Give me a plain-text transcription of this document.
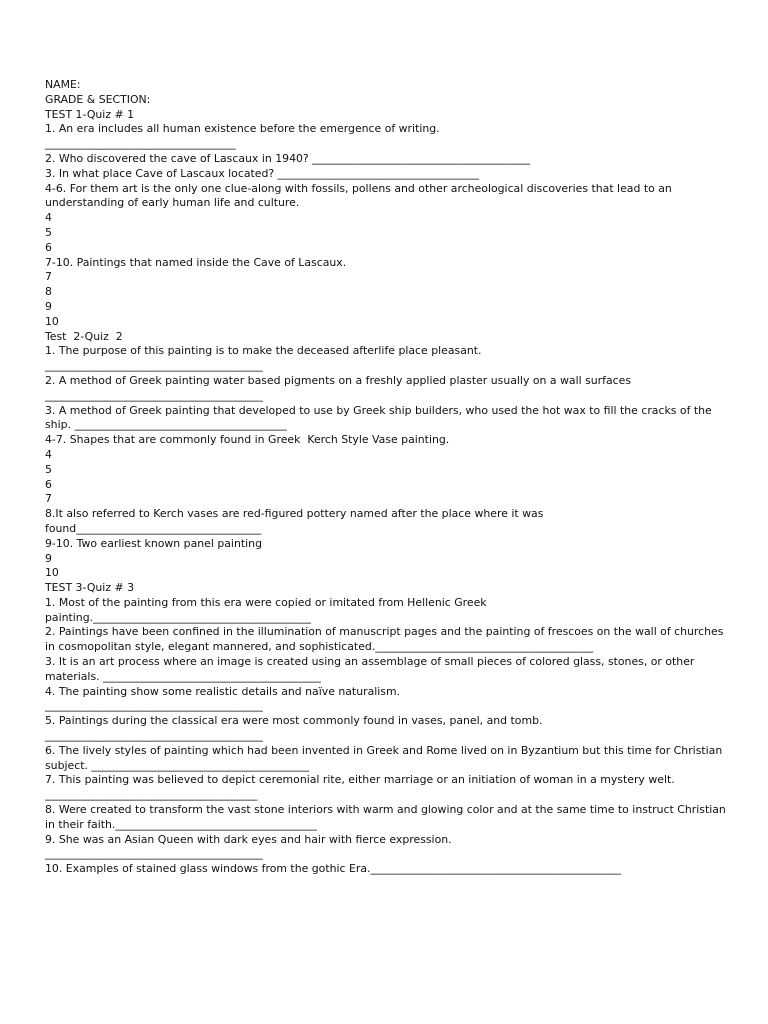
NAME:
GRADE & SECTION:
TEST 1-Quiz # 1
1. An era includes all human existence before the emergence of writing.
___________________________________
2. Who discovered the cave of Lascaux in 1940? ________________________________________
3. In what place Cave of Lascaux located? _____________________________________
4-6. For them art is the only one clue-along with fossils, pollens and other archeological discoveries that lead to an understanding of early human life and culture.
4
5
6
7-10. Paintings that named inside the Cave of Lascaux.
7
8
9
10
Test  2-Quiz  2
1. The purpose of this painting is to make the deceased afterlife place pleasant.
________________________________________
2. A method of Greek painting water based pigments on a freshly applied plaster usually on a wall surfaces
________________________________________
3. A method of Greek painting that developed to use by Greek ship builders, who used the hot wax to fill the cracks of the ship. _______________________________________
4-7. Shapes that are commonly found in Greek  Kerch Style Vase painting.
4
5
6
7
8.It also referred to Kerch vases are red-figured pottery named after the place where it was found__________________________________
9-10. Two earliest known panel painting
9
10
TEST 3-Quiz # 3
1. Most of the painting from this era were copied or imitated from Hellenic Greek painting.________________________________________
2. Paintings have been confined in the illumination of manuscript pages and the painting of frescoes on the wall of churches in cosmopolitan style, elegant mannered, and sophisticated.________________________________________
3. It is an art process where an image is created using an assemblage of small pieces of colored glass, stones, or other materials. ________________________________________
4. The painting show some realistic details and naïve naturalism.
________________________________________
5. Paintings during the classical era were most commonly found in vases, panel, and tomb.
________________________________________
6. The lively styles of painting which had been invented in Greek and Rome lived on in Byzantium but this time for Christian subject. ________________________________________
7. This painting was believed to depict ceremonial rite, either marriage or an initiation of woman in a mystery welt. _______________________________________
8. Were created to transform the vast stone interiors with warm and glowing color and at the same time to instruct Christian in their faith._____________________________________
9. She was an Asian Queen with dark eyes and hair with fierce expression.
________________________________________
10. Examples of stained glass windows from the gothic Era.______________________________________________
